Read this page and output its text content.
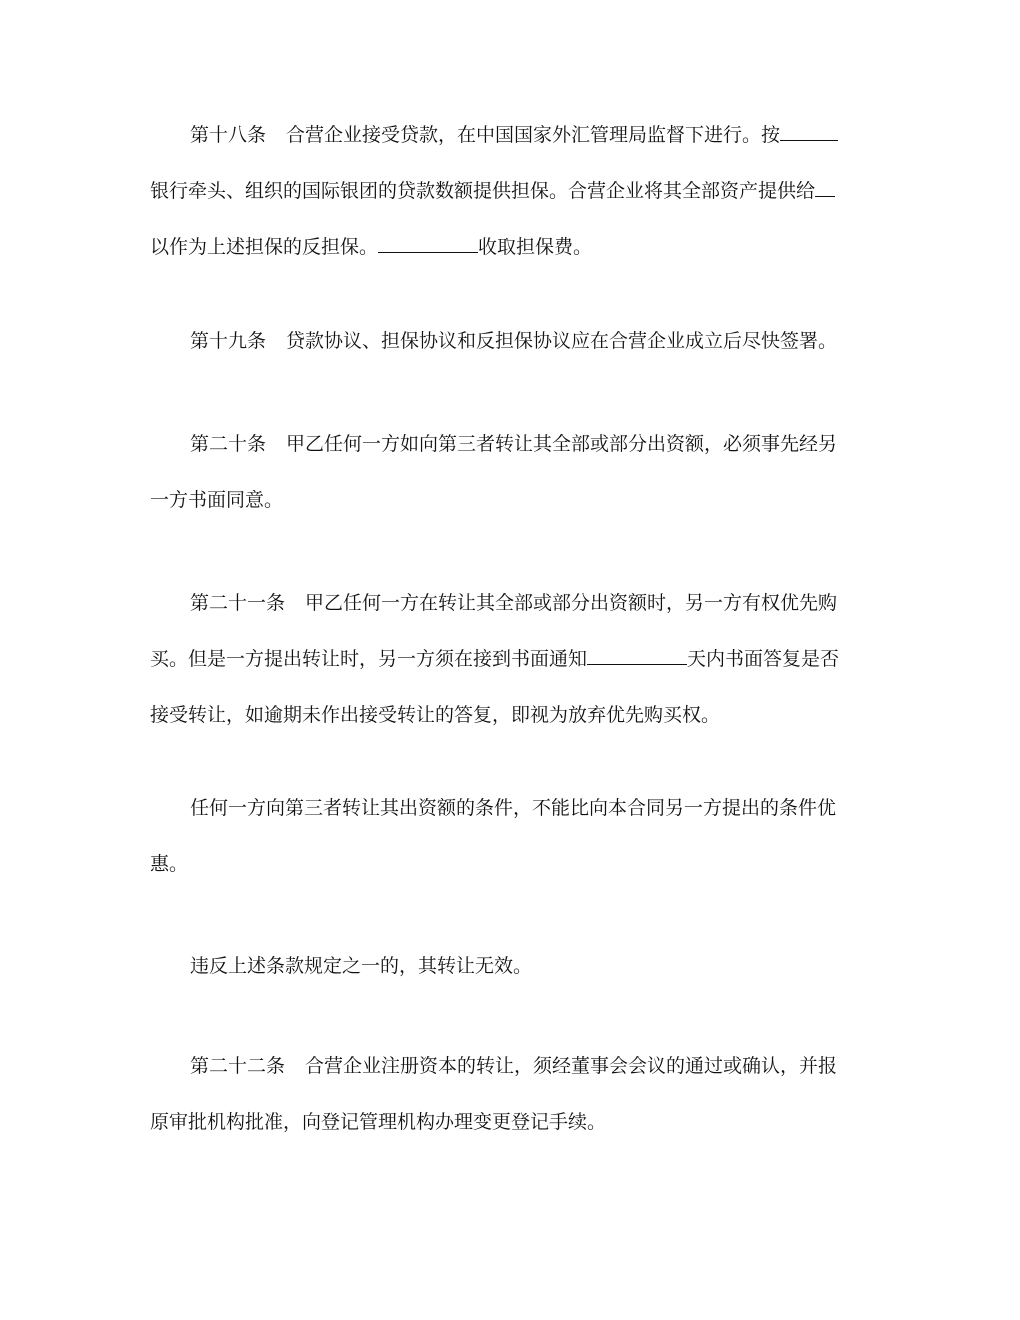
第十八条 合营企业接受贷款，在中国国家外汇管理局监督下进行。按
银行牵头、组织的国际银团的贷款数额提供担保。合营企业将其全部资产提供给
以作为上述担保的反担保。	收取担保费。
第十九条 贷款协议、担保协议和反担保协议应在合营企业成立后尽快签署。
第二十条 甲乙任何一方如向第三者转让其全部或部分出资额，必须事先经另
一方书面同意。
第二十一条 甲乙任何一方在转让其全部或部分出资额时，另一方有权优先购
买。但是一方提出转让时，另一方须在接到书面通知	天内书面答复是否
接受转让，如逾期未作出接受转让的答复，即视为放弃优先购买权。
任何一方向第三者转让其出资额的条件，不能比向本合同另一方提出的条件优
惠。
违反上述条款规定之一的，其转让无效。
第二十二条 合营企业注册资本的转让，须经董事会会议的通过或确认，并报
原审批机构批准，向登记管理机构办理变更登记手续。
